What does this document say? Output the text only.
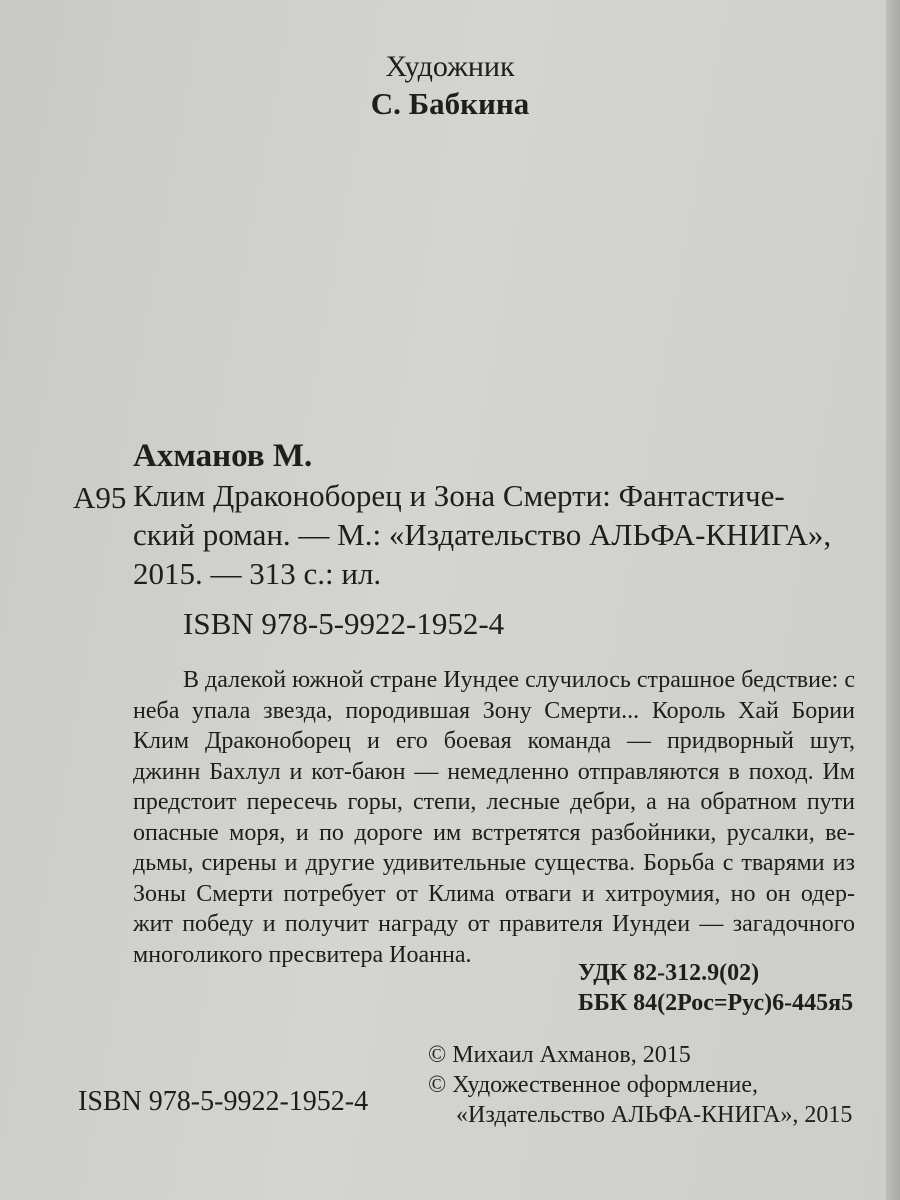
Художник
С. Бабкина
Ахманов М.
А95 Клим Драконоборец и Зона Смерти: Фантастиче-
ский роман. — М.: «Издательство АЛЬФА-КНИГА»,
2015. — 313 с.: ил.
ISBN 978-5-9922-1952-4
В далекой южной стране Иундее случилось страшное бедствие: с
неба упала звезда, породившая Зону Смерти... Король Хай Бории
Клим Драконоборец и его боевая команда — придворный шут,
джинн Бахлул и кот-баюн — немедленно отправляются в поход. Им
предстоит пересечь горы, степи, лесные дебри, а на обратном пути
опасные моря, и по дороге им встретятся разбойники, русалки, ве-
дьмы, сирены и другие удивительные существа. Борьба с тварями из
Зоны Смерти потребует от Клима отваги и хитроумия, но он одер-
жит победу и получит награду от правителя Иундеи — загадочного
многоликого пресвитера Иоанна.
УДК 82-312.9(02)
ББК 84(2Рос=Рус)6-445я5
© Михаил Ахманов, 2015
© Художественное оформление,
«Издательство АЛЬФА-КНИГА», 2015
ISBN 978-5-9922-1952-4
